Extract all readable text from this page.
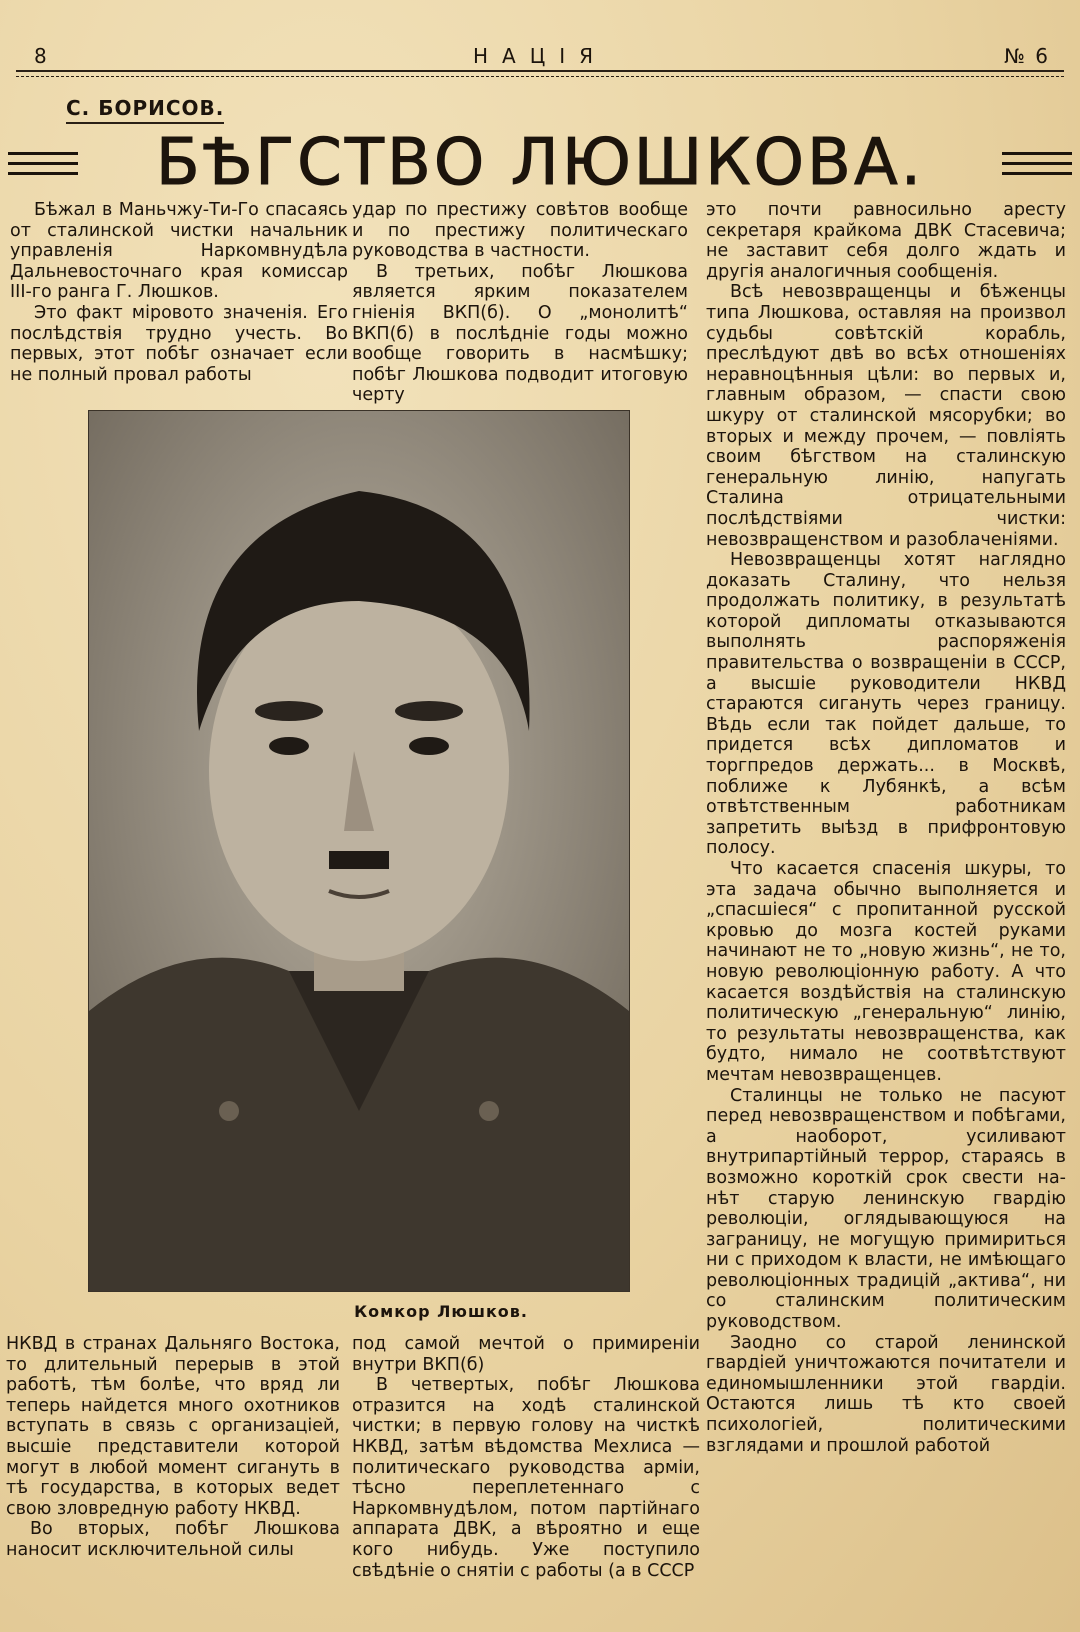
8	НАЦІЯ	№ 6
С. БОРИСОВ.
БѢГСТВО ЛЮШКОВА.

Бѣжал в Маньчжу-Ти-Го спасаясь от сталинской чистки начальник управленія Наркомвнудѣла Дальневосточнаго края комиссар III-го ранга Г. Люшков.

Это факт міровото значенія. Его послѣдствія трудно учесть. Во первых, этот побѣг означает если не полный провал работы

удар по престижу совѣтов вообще и по престижу политическаго руководства в частности.

В третьих, побѣг Люшкова является ярким показателем гніенія ВКП(б). О „монолитѣ“ ВКП(б) в послѣдніе годы можно вообще говорить в насмѣшку; побѣг Люшкова подводит итоговую черту

это почти равносильно аресту секретаря крайкома ДВК Стасевича; не заставит себя долго ждать и другія аналогичныя сообщенія.

Всѣ невозвращенцы и бѣженцы типа Люшкова, оставляя на произвол судьбы совѣтскій корабль, преслѣдуют двѣ во всѣх отношеніях неравноцѣнныя цѣли: во первых и, главным образом, — спасти свою шкуру от сталинской мясорубки; во вторых и между прочем, — повліять своим бѣгством на сталинскую генеральную линію, напугать Сталина отрицательными послѣдствіями чистки: невозвращенством и разоблаченіями.

Невозвращенцы хотят наглядно доказать Сталину, что нельзя продолжать политику, в результатѣ которой дипломаты отказываются выполнять распоряженія правительства о возвращеніи в СССР, а высшіе руководители НКВД стараются сигануть через границу. Вѣдь если так пойдет дальше, то придется всѣх дипломатов и торгпредов держать... в Москвѣ, поближе к Лубянкѣ, а всѣм отвѣтственным работникам запретить выѣзд в прифронтовую полосу.

Что касается спасенія шкуры, то эта задача обычно выполняется и „спасшіеся“ с пропитанной русской кровью до мозга костей руками начинают не то „новую жизнь“, не то, новую революціонную работу. А что касается воздѣйствія на сталинскую политическую „генеральную“ линію, то результаты невозвращенства, как будто, нимало не соотвѣтствуют мечтам невозвращенцев.

Сталинцы не только не пасуют перед невозвращенством и побѣгами, а наоборот, усиливают внутрипартійный террор, стараясь в возможно короткій срок свести на-нѣт старую ленинскую гвардію революціи, оглядывающуюся на заграницу, не могущую примириться ни с приходом к власти, не имѣющаго революціонных традицій „актива“, ни со сталинским политическим руководством.

Заодно со старой ленинской гвардіей уничтожаются почитатели и единомышленники этой гвардіи. Остаются лишь тѣ кто своей психологіей, политическими взглядами и прошлой работой

Комкор Люшков.

НКВД в странах Дальняго Востока, то длительный перерыв в этой работѣ, тѣм болѣе, что вряд ли теперь найдется много охотников вступать в связь с организаціей, высшіе представители которой могут в любой момент сигануть в тѣ государства, в которых ведет свою зловредную работу НКВД.

Во вторых, побѣг Люшкова наносит исключительной силы

под самой мечтой о примиреніи внутри ВКП(б)

В четвертых, побѣг Люшкова отразится на ходѣ сталинской чистки; в первую голову на чисткѣ НКВД, затѣм вѣдомства Мехлиса — политическаго руководства арміи, тѣсно переплетеннаго с Наркомвнудѣлом, потом партійнаго аппарата ДВК, а вѣроятно и еще кого нибудь. Уже поступило свѣдѣніе о снятіи с работы (а в СССР
